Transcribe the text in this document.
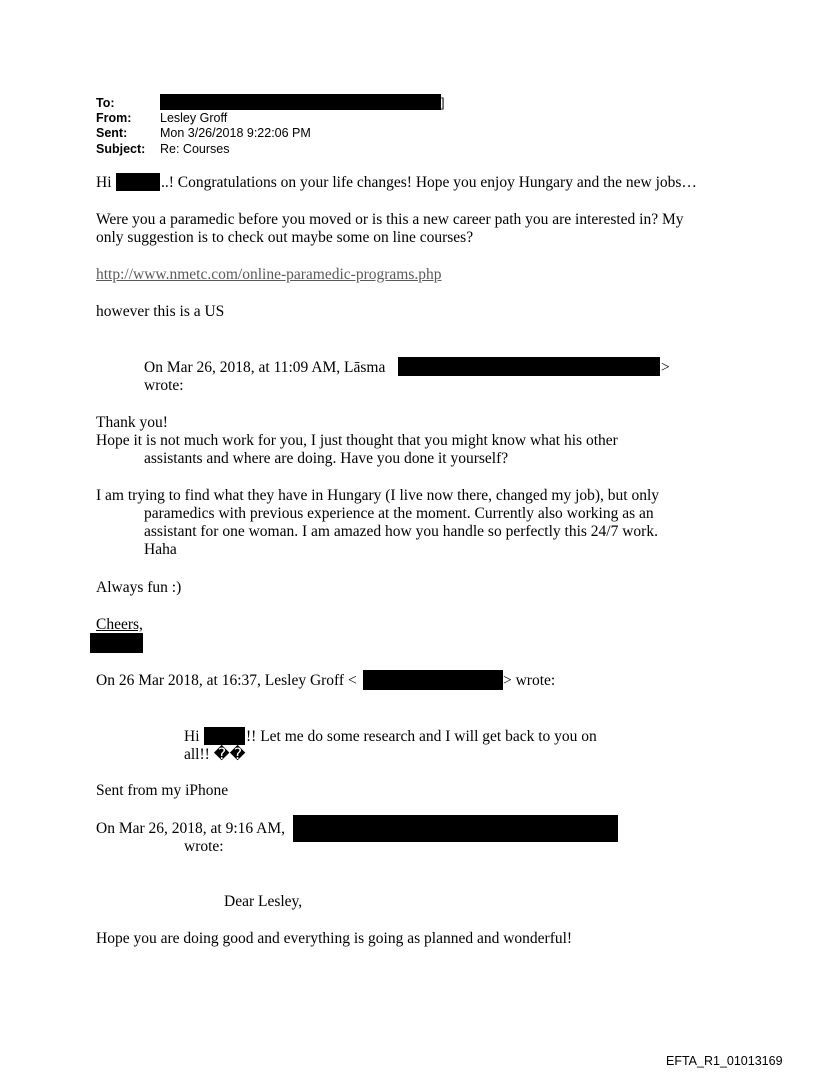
To:	]
From: Lesley Groff
Sent:	Mon 3/26/2018 9:22:06 PM
Subject: Re: Courses
Hi	..! Congratulations on your life changes! Hope you enjoy Hungary and the new jobs…
Were you a paramedic before you moved or is this a new career path you are interested in? My
only suggestion is to check out maybe some on line courses?
http://www.nmetc.com/online-paramedic-programs.php
however this is a US
On Mar 26, 2018, at 11:09 AM, Lāsma	>
wrote:
Thank you!
Hope it is not much work for you, I just thought that you might know what his other
assistants and where are doing. Have you done it yourself?
I am trying to find what they have in Hungary (I live now there, changed my job), but only
paramedics with previous experience at the moment. Currently also working as an
assistant for one woman. I am amazed how you handle so perfectly this 24/7 work.
Haha
Always fun :)
Cheers,
On 26 Mar 2018, at 16:37, Lesley Groff <	> wrote:
Hi	!! Let me do some research and I will get back to you on
all!! ��
Sent from my iPhone
On Mar 26, 2018, at 9:16 AM,
wrote:
Dear Lesley,
Hope you are doing good and everything is going as planned and wonderful!
EFTA_R1_01013169
